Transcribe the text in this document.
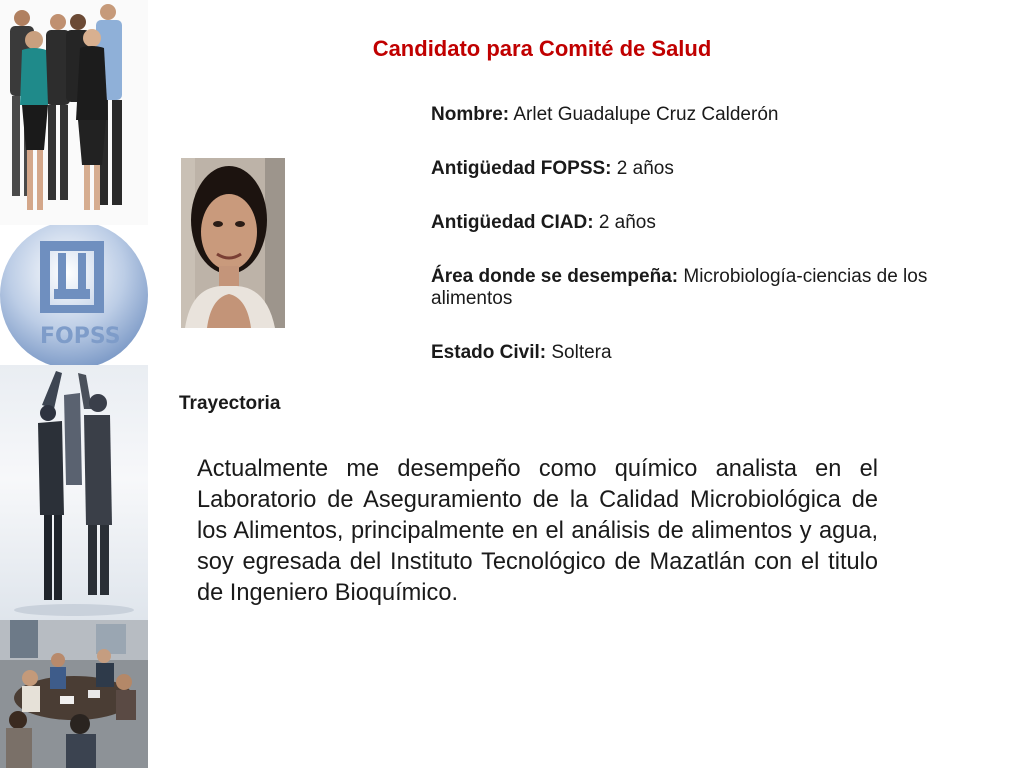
FOPSS
Candidato para Comité de Salud

Nombre: Arlet Guadalupe Cruz Calderón

Antigüedad FOPSS: 2 años

Antigüedad CIAD: 2 años

Área donde se desempeña: Microbiología-ciencias de los alimentos

Estado Civil: Soltera

Trayectoria
Actualmente me desempeño como químico analista en el Laboratorio de Aseguramiento de la Calidad Microbiológica de los Alimentos, principalmente en el análisis de alimentos y agua, soy egresada del Instituto Tecnológico de Mazatlán con el titulo de Ingeniero Bioquímico.
